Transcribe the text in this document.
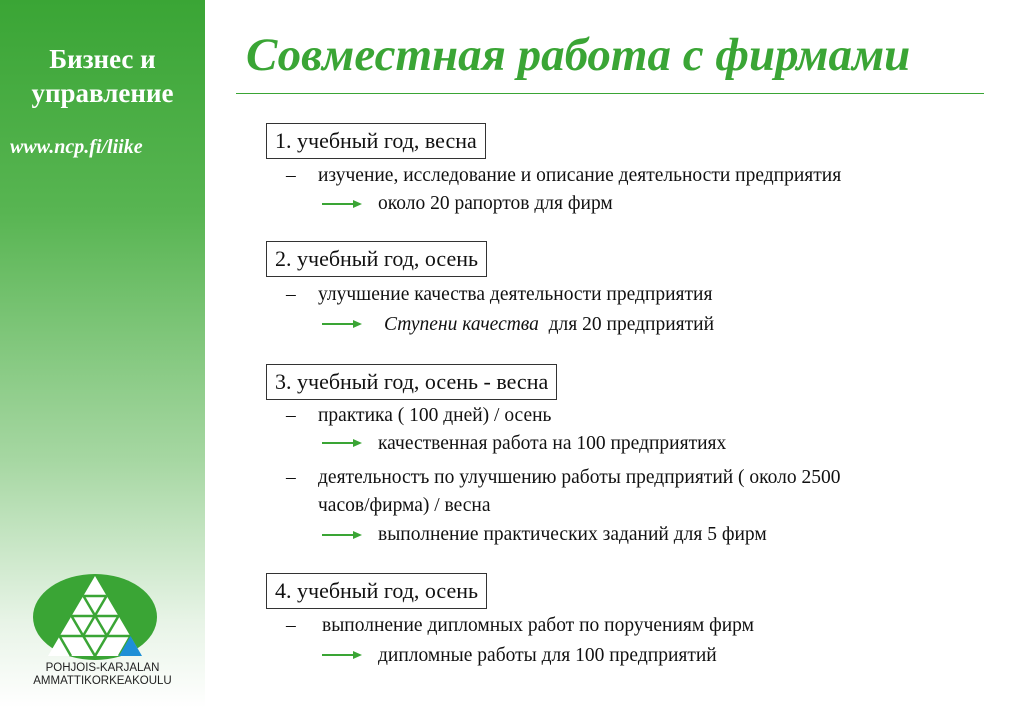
Бизнес и
управление
www.ncp.fi/liike
POHJOIS-KARJALAN
AMMATTIKORKEAKOULU
Совместная работа с фирмами
1. учебный год, весна
– изучение, исследование и описание деятельности предприятия
около 20 рапортов для фирм
2. учебный год, осень
– улучшение качества деятельности предприятия
Ступени качества для 20 предприятий
3. учебный год, осень - весна
– практика ( 100 дней) / осень
качественная работа на 100 предприятиях
– деятельностъ по улучшению работы предприятий ( около 2500
часов/фирма) / весна
выполнение практических заданий для 5 фирм
4. учебный год, осень
– выполнение дипломных работ по поручениям фирм
дипломные работы для 100 предприятий
